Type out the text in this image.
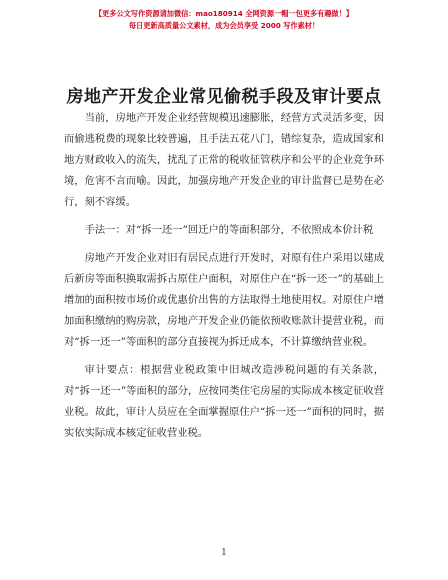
【更多公文写作资源请加微信：mao180914 全网资源一帽一包更多有趣做！】
每日更新高质量公文素材，成为会员享受 2000 写作素材！
房地产开发企业常见偷税手段及审计要点

当前，房地产开发企业经营规模迅速膨胀，经营方式灵活多变，因而偷逃税费的现象比较普遍，且手法五花八门，错综复杂，造成国家和地方财政收入的流失，扰乱了正常的税收征管秩序和公平的企业竞争环境，危害不言而喻。因此，加强房地产开发企业的审计监督已是势在必行，刻不容缓。

手法一：对“拆一还一”回迁户的等面积部分，不依照成本价计税

房地产开发企业对旧有居民点进行开发时，对原有住户采用以建成后新房等面积换取需拆占原住户面积，对原住户在“拆一还一”的基础上增加的面积按市场价或优惠价出售的方法取得土地使用权。对原住户增加面积缴纳的购房款，房地产开发企业仍能依预收账款计提营业税，而对“拆一还一”等面积的部分直接视为拆迁成本，不计算缴纳营业税。

审计要点：根据营业税政策中旧城改造涉税问题的有关条款，对“拆一还一”等面积的部分，应按同类住宅房屋的实际成本核定征收营业税。故此，审计人员应在全面掌握原住户“拆一还一”面积的同时，据实依实际成本核定征收营业税。

1
